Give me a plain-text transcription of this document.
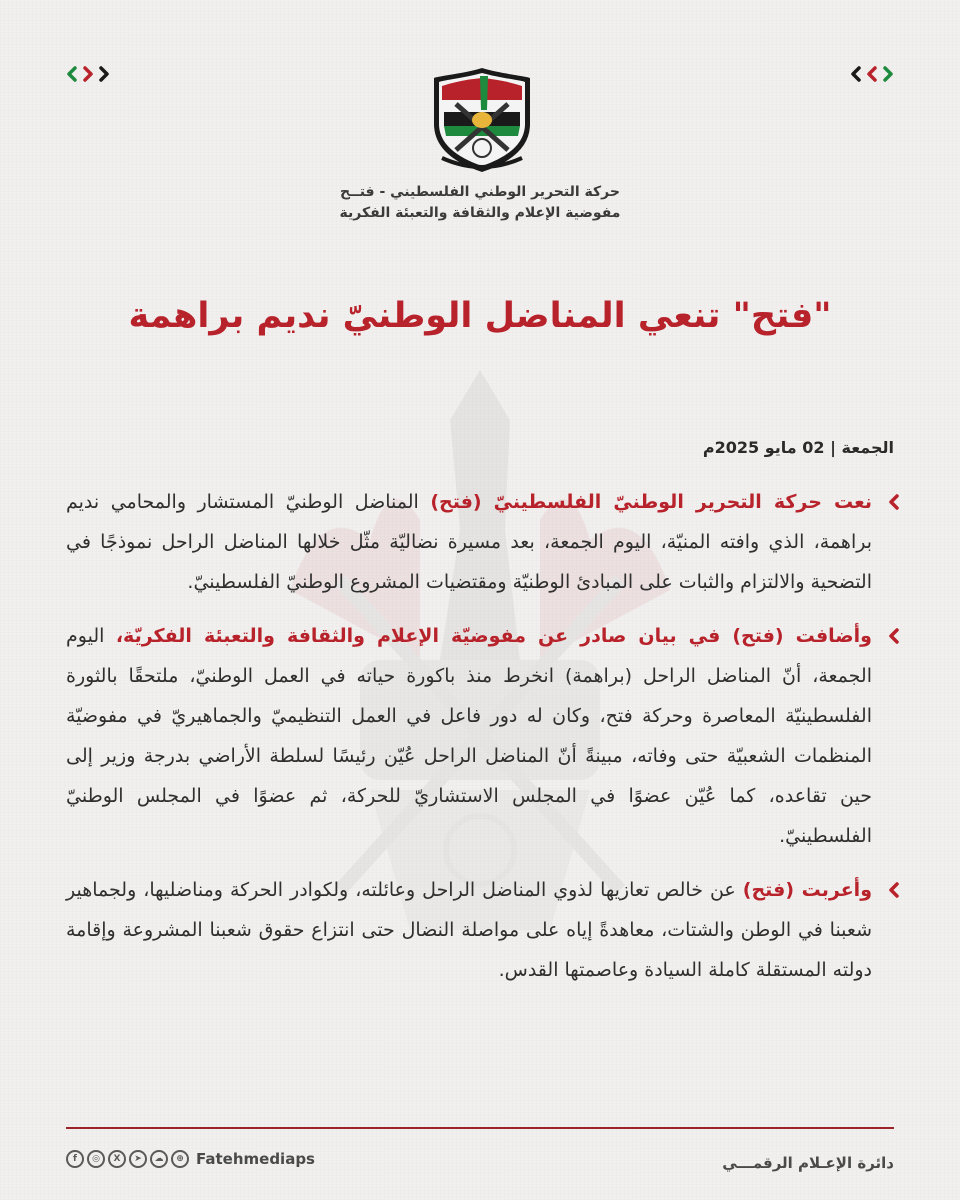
حركة التحرير الوطني الفلسطيني - فتــح
مفوضية الإعلام والثقافة والتعبئة الفكرية
"فتح" تنعي المناضل الوطنيّ نديم براهمة
الجمعة | 02 مايو 2025م

نعت حركة التحرير الوطنيّ الفلسطينيّ (فتح) المناضل الوطنيّ المستشار والمحامي نديم براهمة، الذي وافته المنيّة، اليوم الجمعة، بعد مسيرة نضاليّة مثّل خلالها المناضل الراحل نموذجًا في التضحية والالتزام والثبات على المبادئ الوطنيّة ومقتضيات المشروع الوطنيّ الفلسطينيّ.

وأضافت (فتح) في بيان صادر عن مفوضيّة الإعلام والثقافة والتعبئة الفكريّة، اليوم الجمعة، أنّ المناضل الراحل (براهمة) انخرط منذ باكورة حياته في العمل الوطنيّ، ملتحقًا بالثورة الفلسطينيّة المعاصرة وحركة فتح، وكان له دور فاعل في العمل التنظيميّ والجماهيريّ في مفوضيّة المنظمات الشعبيّة حتى وفاته، مبينةً أنّ المناضل الراحل عُيّن رئيسًا لسلطة الأراضي بدرجة وزير إلى حين تقاعده، كما عُيّن عضوًا في المجلس الاستشاريّ للحركة، ثم عضوًا في المجلس الوطنيّ الفلسطينيّ.

وأعربت (فتح) عن خالص تعازيها لذوي المناضل الراحل وعائلته، ولكوادر الحركة ومناضليها، ولجماهير شعبنا في الوطن والشتات، معاهدةً إياه على مواصلة النضال حتى انتزاع حقوق شعبنا المشروعة وإقامة دولته المستقلة كاملة السيادة وعاصمتها القدس.

f	◎	X	➤	☁	⊕ Fatehmediaps	دائرة الإعـلام الرقمـــي
